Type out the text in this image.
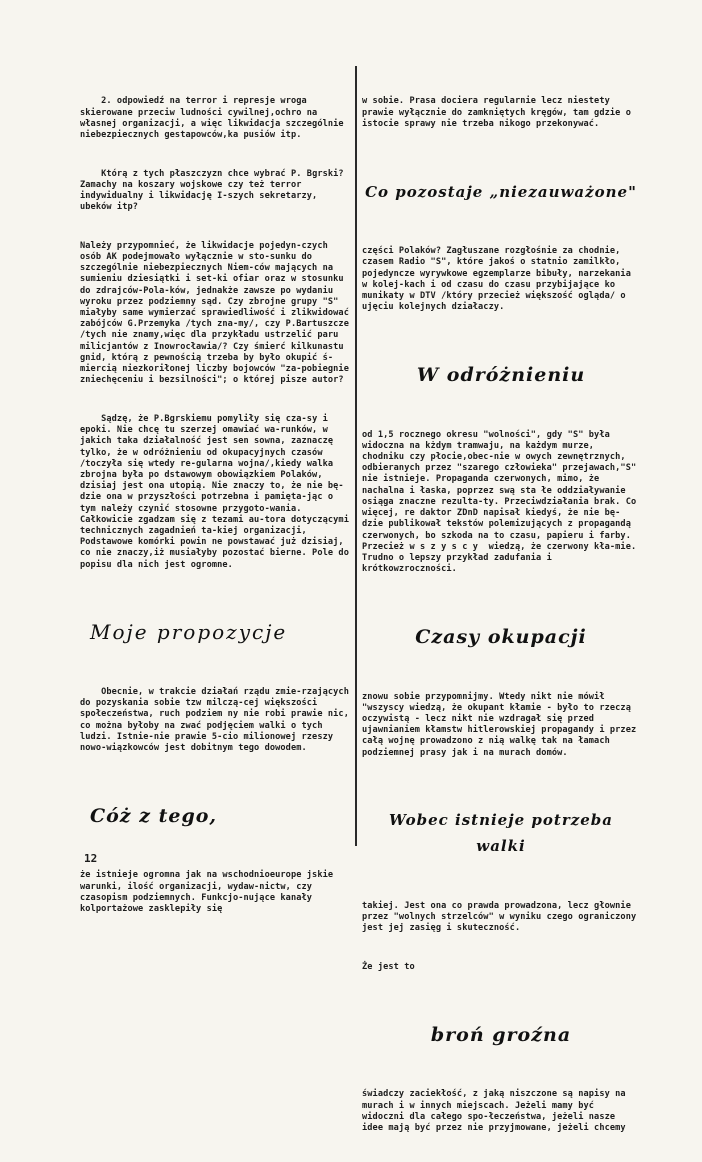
2. odpowiedź na terror i represje wroga skierowane przeciw ludności cywilnej,ochro na własnej organizacji, a więc likwidacja szczególnie niebezpiecznych gestapowców,ka pusiów itp.

Którą z tych płaszczyzn chce wybrać P. Bgrski? Zamachy na koszary wojskowe czy też terror indywidualny i likwidację I-szych sekretarzy, ubeków itp?

Należy przypomnieć, że likwidacje pojedyn-czych osób AK podejmowało wyłącznie w sto-sunku do szczególnie niebezpiecznych Niem-ców mających na sumieniu dziesiątki i set-ki ofiar oraz w stosunku do zdrajców-Pola-ków, jednakże zawsze po wydaniu wyroku przez podziemny sąd. Czy zbrojne grupy "S" miałyby same wymierzać sprawiedliwość i zlikwidować zabójców G.Przemyka /tych zna-my/, czy P.Bartuszcze /tych nie znamy,więc dla przykładu ustrzelić paru milicjantów z Inowrocławia/? Czy śmierć kilkunastu gnid, którą z pewnością trzeba by było okupić ś-miercią niezkoriłonej liczby bojowców "za-pobiegnie zniechęceniu i bezsilności"; o której pisze autor?

Sądzę, że P.Bgrskiemu pomyliły się cza-sy i epoki. Nie chcę tu szerzej omawiać wa-runków, w jakich taka działalność jest sen sowna, zaznaczę tylko, że w odróżnieniu od okupacyjnych czasów /toczyła się wtedy re-gularna wojna/,kiedy walka zbrojna była po dstawowym obowiązkiem Polaków, dzisiaj jest ona utopią. Nie znaczy to, że nie bę-dzie ona w przyszłości potrzebna i pamięta-jąc o tym należy czynić stosowne przygoto-wania. Całkowicie zgadzam się z tezami au-tora dotyczącymi technicznych zagadnień ta-kiej organizacji, Podstawowe komórki powin ne powstawać już dzisiaj, co nie znaczy,iż musiałyby pozostać bierne. Pole do popisu dla nich jest ogromne.

Moje propozycje

Obecnie, w trakcie działań rządu zmie-rzających do pozyskania sobie tzw milczą-cej większości społeczeństwa, ruch podziem ny nie robi prawie nic, co można byłoby na zwać podjęciem walki o tych ludzi. Istnie-nie prawie 5-cio milionowej rzeszy nowo-wiązkowców jest dobitnym tego dowodem.

Cóż z tego,

że istnieje ogromna jak na wschodnioeurope jskie warunki, ilość organizacji, wydaw-nictw, czy czasopism podziemnych. Funkcjo-nujące kanały kolportażowe zasklepiły się

w sobie. Prasa dociera regularnie lecz niestety prawie wyłącznie do zamkniętych kręgów, tam gdzie o istocie sprawy nie trzeba nikogo przekonywać.

Co pozostaje „niezauważone"

części Polaków? Zagłuszane rozgłośnie za chodnie, czasem Radio "S", które jakoś o statnio zamilkło, pojedyncze wyrywkowe egzemplarze bibuły, narzekania w kolej-kach i od czasu do czasu przybijające ko munikaty w DTV /który przecież większość ogląda/ o ujęciu kolejnych działaczy.

W odróżnieniu

od 1,5 rocznego okresu "wolności", gdy "S" była widoczna na kżdym tramwaju, na każdym murze, chodniku czy płocie,obec-nie w owych zewnętrznych, odbieranych przez "szarego człowieka" przejawach,"S" nie istnieje. Propaganda czerwonych, mimo, że nachalna i łaska, poprzez swą sta łe oddziaływanie osiąga znaczne rezulta-ty. Przeciwdziałania brak. Co więcej, re daktor ZDnD napisał kiedyś, że nie bę-dzie publikował tekstów polemizujących z propagandą czerwonych, bo szkoda na to czasu, papieru i farby. Przecież w s z y s c y  wiedzą, że czerwony kła-mie. Trudno o lepszy przykład zadufania i krótkowzroczności.

Czasy okupacji

znowu sobie przypomnijmy. Wtedy nikt nie mówił "wszyscy wiedzą, że okupant kłamie - było to rzeczą oczywistą - lecz nikt nie wzdragał się przed ujawnianiem kłamstw hitlerowskiej propagandy i przez całą wojnę prowadzono z nią walkę tak na łamach podziemnej prasy jak i na murach domów.

Wobec istnieje potrzeba walki

takiej. Jest ona co prawda prowadzona, lecz głownie przez "wolnych strzelców" w wyniku czego ograniczony jest jej zasięg i skuteczność.

Że jest to

broń groźna

świadczy zaciekłość, z jaką niszczone są napisy na murach i w innych miejscach. Jeżeli mamy być widoczni dla całego spo-łeczeństwa, jeżeli nasze idee mają być przez nie przyjmowane, jeżeli chcemy

12
